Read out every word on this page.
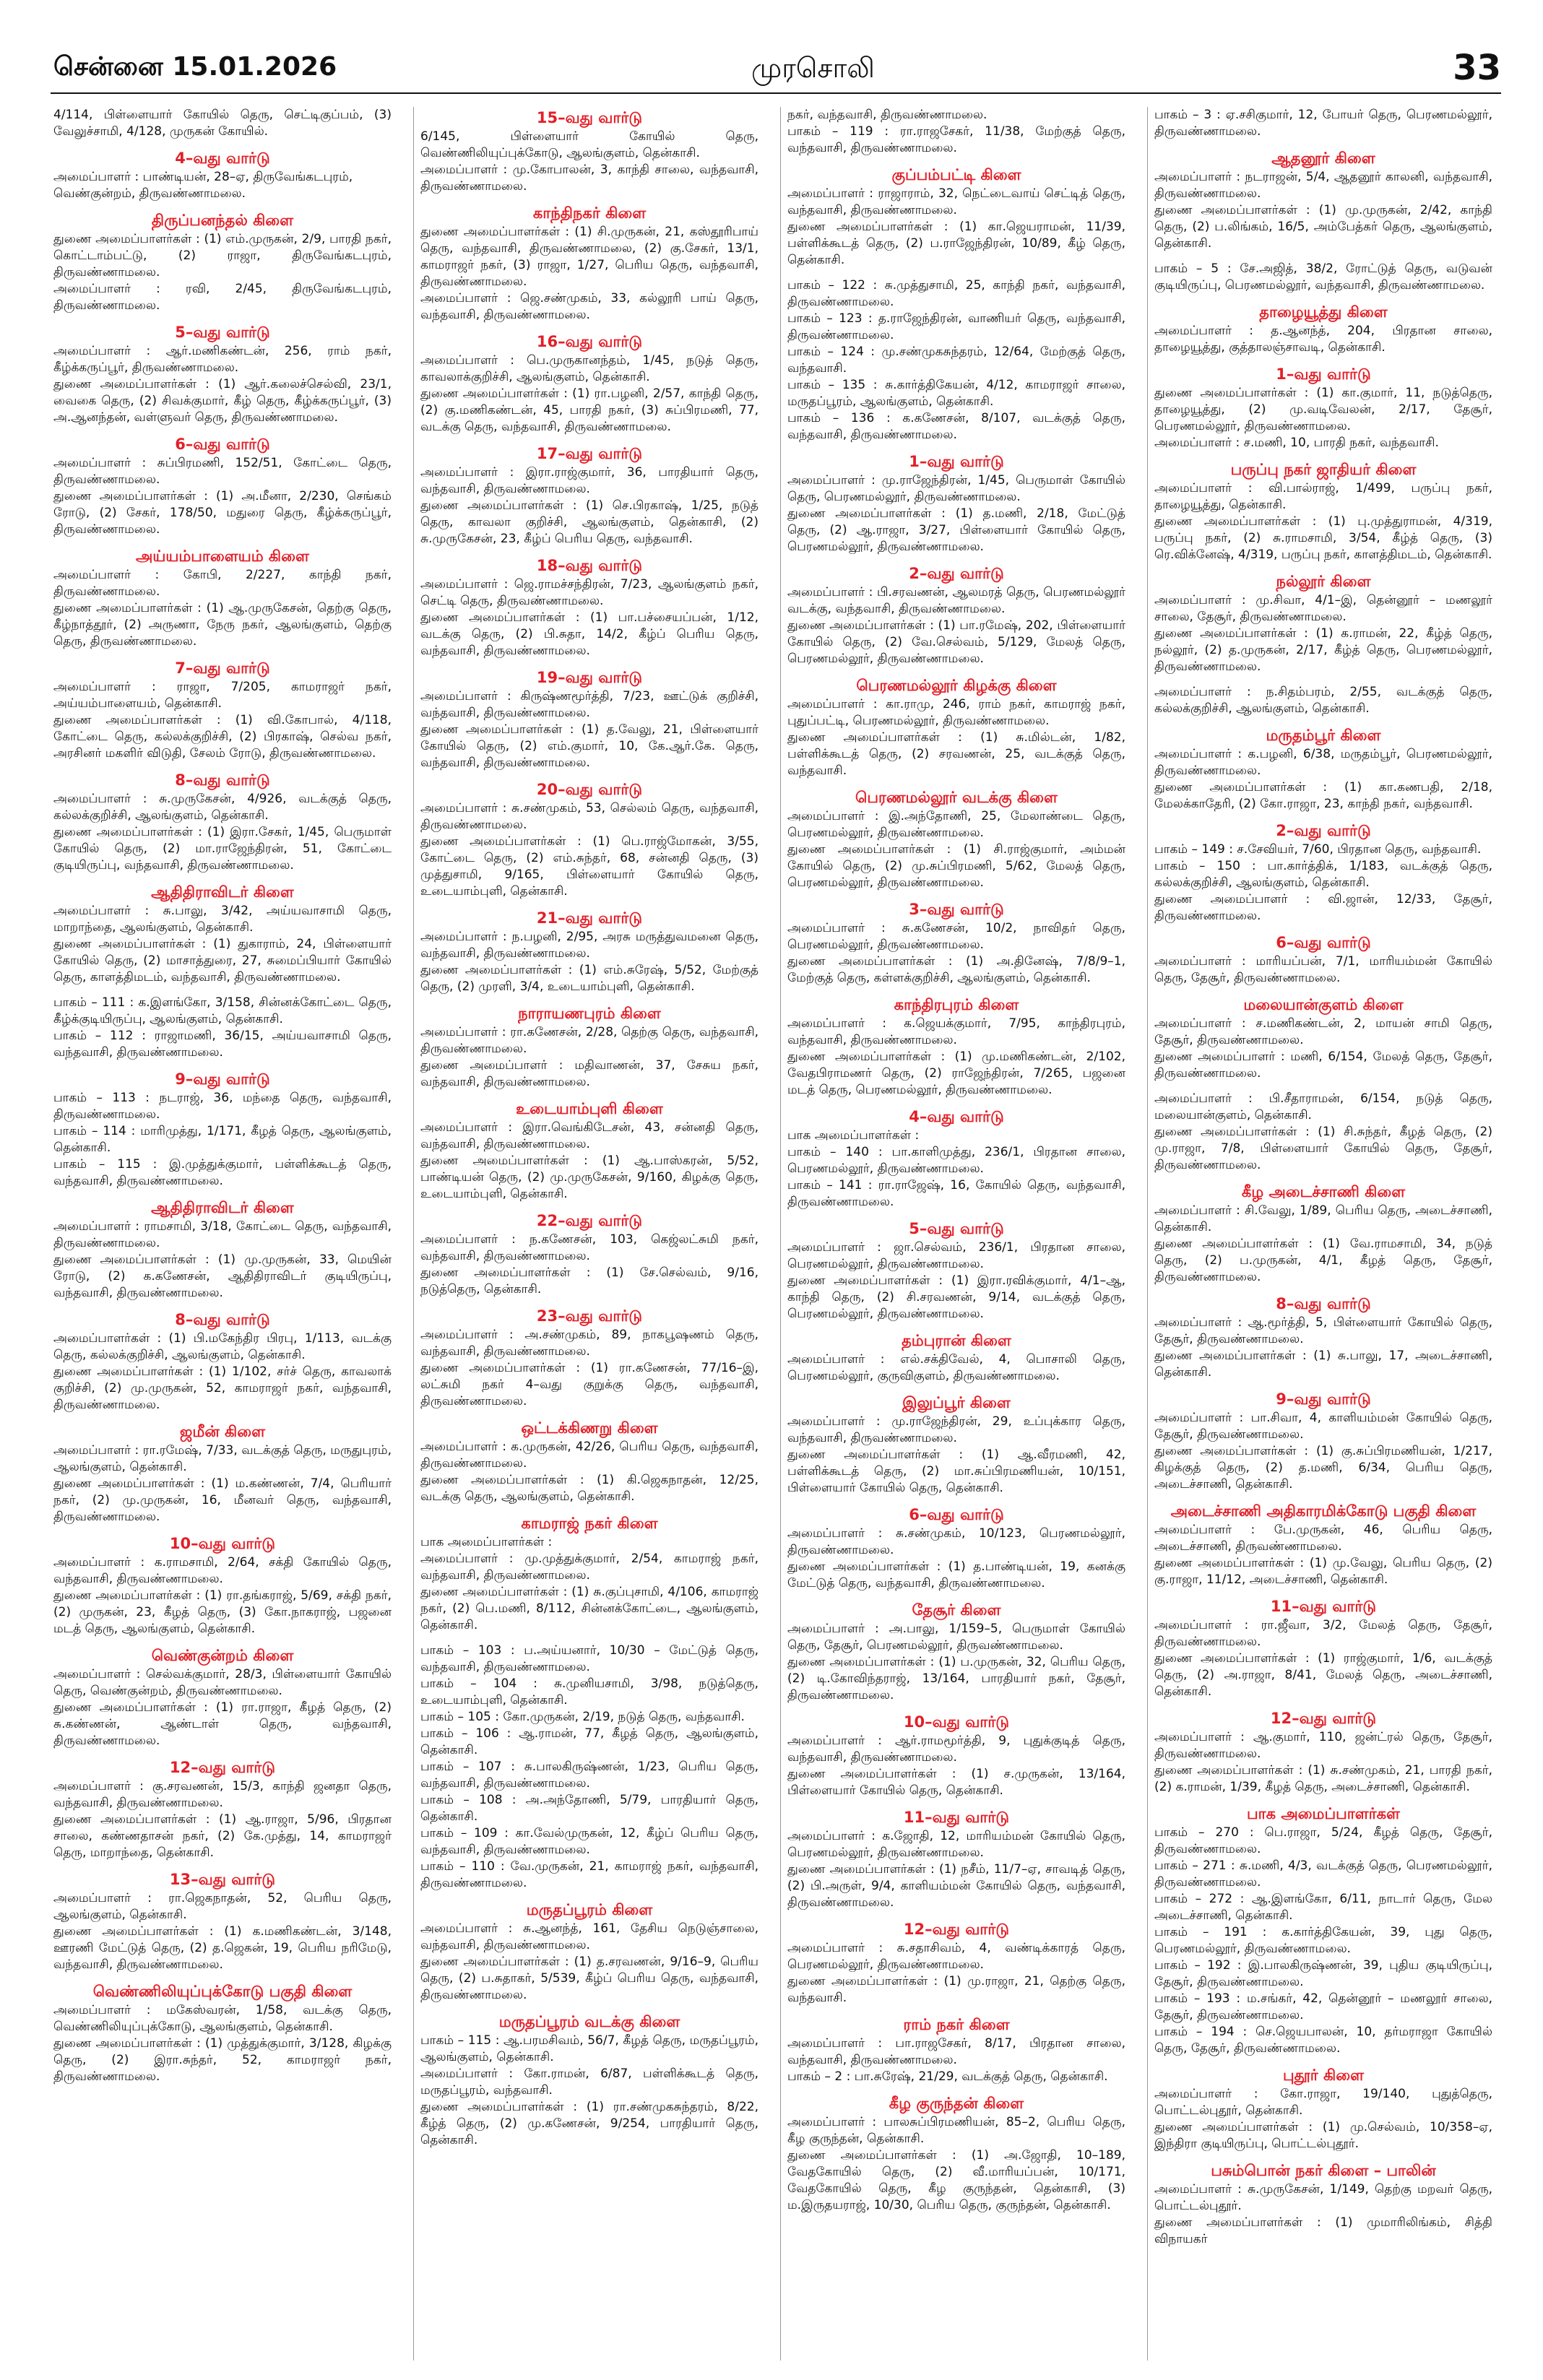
சென்னை 15.01.2026	முரசொலி	33
4/114, பிள்ளையார் கோயில் தெரு, செட்டிகுப்பம், (3) வேலுச்சாமி, 4/128, முருகன் கோயில்.
4–வது வார்டு
அமைப்பாளர் : பாண்டியன், 28–ஏ, திருவேங்கடபுரம்,
வெண்குன்றம், திருவண்ணாமலை.
திருப்பனந்தல் கிளை
துணை அமைப்பாளர்கள் : (1) எம்.முருகன், 2/9, பாரதி நகர், கொட்டாம்பட்டு, (2) ராஜா, திருவேங்கடபுரம், திருவண்ணாமலை.
அமைப்பாளர் : ரவி, 2/45, திருவேங்கடபுரம், திருவண்ணாமலை.
5–வது வார்டு
அமைப்பாளர் : ஆர்.மணிகண்டன், 256, ராம் நகர், கீழ்க்கருப்பூர், திருவண்ணாமலை.
துணை அமைப்பாளர்கள் : (1) ஆர்.கலைச்செல்வி, 23/1, வைகை தெரு, (2) சிவக்குமார், கீழ் தெரு, கீழ்க்கருப்பூர், (3) அ.ஆனந்தன், வள்ளுவர் தெரு, திருவண்ணாமலை.
6–வது வார்டு
அமைப்பாளர் : சுப்பிரமணி, 152/51, கோட்டை தெரு, திருவண்ணாமலை.
துணை அமைப்பாளர்கள் : (1) அ.மீனா, 2/230, செங்கம் ரோடு, (2) சேகர், 178/50, மதுரை தெரு, கீழ்க்கருப்பூர், திருவண்ணாமலை.
அய்யம்பாளையம் கிளை
அமைப்பாளர் : கோபி, 2/227, காந்தி நகர், திருவண்ணாமலை.
துணை அமைப்பாளர்கள் : (1) ஆ.முருகேசன், தெற்கு தெரு, கீழ்நாத்தூர், (2) அருணா, நேரு நகர், ஆலங்குளம், தெற்கு தெரு, திருவண்ணாமலை.
7–வது வார்டு
அமைப்பாளர் : ராஜா, 7/205, காமராஜர் நகர், அய்யம்பாளையம், தென்காசி.
துணை அமைப்பாளர்கள் : (1) வி.கோபால், 4/118, கோட்டை தெரு, கல்லக்குறிச்சி, (2) பிரகாஷ், செல்வ நகர், அரசினர் மகளிர் விடுதி, சேலம் ரோடு, திருவண்ணாமலை.
8–வது வார்டு
அமைப்பாளர் : சு.முருகேசன், 4/926, வடக்குத் தெரு, கல்லக்குறிச்சி, ஆலங்குளம், தென்காசி.
துணை அமைப்பாளர்கள் : (1) இரா.சேகர், 1/45, பெருமாள் கோயில் தெரு, (2) மா.ராஜேந்திரன், 51, கோட்டை குடியிருப்பு, வந்தவாசி, திருவண்ணாமலை.
ஆதிதிராவிடர் கிளை
அமைப்பாளர் : சு.பாலு, 3/42, அய்யவாசாமி தெரு, மாறாந்தை, ஆலங்குளம், தென்காசி.
துணை அமைப்பாளர்கள் : (1) துகாராம், 24, பிள்ளையார் கோயில் தெரு, (2) மாசாத்துரை, 27, சுமைப்பியார் கோயில் தெரு, காளத்திமடம், வந்தவாசி, திருவண்ணாமலை.
பாகம் – 111 : க.இளங்கோ, 3/158, சின்னக்கோட்டை தெரு, கீழ்க்குடியிருப்பு, ஆலங்குளம், தென்காசி.
பாகம் – 112 : ராஜாமணி, 36/15, அய்யவாசாமி தெரு, வந்தவாசி, திருவண்ணாமலை.
9–வது வார்டு
பாகம் – 113 : நடராஜ், 36, மந்தை தெரு, வந்தவாசி, திருவண்ணாமலை.
பாகம் – 114 : மாரிமுத்து, 1/171, கீழத் தெரு, ஆலங்குளம், தென்காசி.
பாகம் – 115 : இ.முத்துக்குமார், பள்ளிக்கூடத் தெரு, வந்தவாசி, திருவண்ணாமலை.
ஆதிதிராவிடர் கிளை
அமைப்பாளர் : ராமசாமி, 3/18, கோட்டை தெரு, வந்தவாசி, திருவண்ணாமலை.
துணை அமைப்பாளர்கள் : (1) மு.முருகன், 33, மெயின் ரோடு, (2) க.கணேசன், ஆதிதிராவிடர் குடியிருப்பு, வந்தவாசி, திருவண்ணாமலை.
8–வது வார்டு
அமைப்பாளர்கள் : (1) பி.மகேந்திர பிரபு, 1/113, வடக்கு தெரு, கல்லக்குறிச்சி, ஆலங்குளம், தென்காசி.
துணை அமைப்பாளர்கள் : (1) 1/102, சர்ச் தெரு, காவலாக் குறிச்சி, (2) மு.முருகன், 52, காமராஜர் நகர், வந்தவாசி, திருவண்ணாமலை.
ஜமீன் கிளை
அமைப்பாளர் : ரா.ரமேஷ், 7/33, வடக்குத் தெரு, மருதுபுரம், ஆலங்குளம், தென்காசி.
துணை அமைப்பாளர்கள் : (1) ம.கண்ணன், 7/4, பெரியார் நகர், (2) மு.முருகன், 16, மீனவர் தெரு, வந்தவாசி, திருவண்ணாமலை.
10–வது வார்டு
அமைப்பாளர் : க.ராமசாமி, 2/64, சக்தி கோயில் தெரு, வந்தவாசி, திருவண்ணாமலை.
துணை அமைப்பாளர்கள் : (1) ரா.தங்கராஜ், 5/69, சக்தி நகர், (2) முருகன், 23, கீழத் தெரு, (3) கோ.நாகராஜ், பஜனை மடத் தெரு, ஆலங்குளம், தென்காசி.
வெண்குன்றம் கிளை
அமைப்பாளர் : செல்வக்குமார், 28/3, பிள்ளையார் கோயில் தெரு, வெண்குன்றம், திருவண்ணாமலை.
துணை அமைப்பாளர்கள் : (1) ரா.ராஜா, கீழத் தெரு, (2) சு.கண்ணன், ஆண்டாள் தெரு, வந்தவாசி, திருவண்ணாமலை.
12–வது வார்டு
அமைப்பாளர் : கு.சரவணன், 15/3, காந்தி ஜனதா தெரு, வந்தவாசி, திருவண்ணாமலை.
துணை அமைப்பாளர்கள் : (1) ஆ.ராஜா, 5/96, பிரதான சாலை, கண்ணதாசன் நகர், (2) கே.முத்து, 14, காமராஜர் தெரு, மாறாந்தை, தென்காசி.
13–வது வார்டு
அமைப்பாளர் : ரா.ஜெகநாதன், 52, பெரிய தெரு, ஆலங்குளம், தென்காசி.
துணை அமைப்பாளர்கள் : (1) க.மணிகண்டன், 3/148, ஊரணி மேட்டுத் தெரு, (2) த.ஜெகன், 19, பெரிய நரிமேடு, வந்தவாசி, திருவண்ணாமலை.
வெண்ணிலியுப்புக்கோடு பகுதி கிளை
அமைப்பாளர் : மகேஸ்வரன், 1/58, வடக்கு தெரு, வெண்ணிலியுப்புக்கோடு, ஆலங்குளம், தென்காசி.
துணை அமைப்பாளர்கள் : (1) முத்துக்குமார், 3/128, கிழக்கு தெரு, (2) இரா.சுந்தர், 52, காமராஜர் நகர், திருவண்ணாமலை.
15–வது வார்டு
6/145, பிள்ளையார் கோயில் தெரு, வெண்ணிலியுப்புக்கோடு, ஆலங்குளம், தென்காசி.
அமைப்பாளர் : மு.கோபாலன், 3, காந்தி சாலை, வந்தவாசி, திருவண்ணாமலை.
காந்திநகர் கிளை
துணை அமைப்பாளர்கள் : (1) சி.முருகன், 21, கஸ்தூரிபாய் தெரு, வந்தவாசி, திருவண்ணாமலை, (2) கு.சேகர், 13/1, காமராஜர் நகர், (3) ராஜா, 1/27, பெரிய தெரு, வந்தவாசி, திருவண்ணாமலை.
அமைப்பாளர் : ஜெ.சண்முகம், 33, கல்லூரி பாய் தெரு, வந்தவாசி, திருவண்ணாமலை.
16–வது வார்டு
அமைப்பாளர் : பெ.முருகானந்தம், 1/45, நடுத் தெரு, காவலாக்குறிச்சி, ஆலங்குளம், தென்காசி.
துணை அமைப்பாளர்கள் : (1) ரா.பழனி, 2/57, காந்தி தெரு, (2) கு.மணிகண்டன், 45, பாரதி நகர், (3) சுப்பிரமணி, 77, வடக்கு தெரு, வந்தவாசி, திருவண்ணாமலை.
17–வது வார்டு
அமைப்பாளர் : இரா.ராஜ்குமார், 36, பாரதியார் தெரு, வந்தவாசி, திருவண்ணாமலை.
துணை அமைப்பாளர்கள் : (1) செ.பிரகாஷ், 1/25, நடுத் தெரு, காவலா குறிச்சி, ஆலங்குளம், தென்காசி, (2) சு.முருகேசன், 23, கீழ்ப் பெரிய தெரு, வந்தவாசி.
18–வது வார்டு
அமைப்பாளர் : ஜெ.ராமச்சந்திரன், 7/23, ஆலங்குளம் நகர், செட்டி தெரு, திருவண்ணாமலை.
துணை அமைப்பாளர்கள் : (1) பா.பச்சையப்பன், 1/12, வடக்கு தெரு, (2) பி.சுதா, 14/2, கீழ்ப் பெரிய தெரு, வந்தவாசி, திருவண்ணாமலை.
19–வது வார்டு
அமைப்பாளர் : கிருஷ்ணமூர்த்தி, 7/23, ஊட்டுக் குறிச்சி, வந்தவாசி, திருவண்ணாமலை.
துணை அமைப்பாளர்கள் : (1) த.வேலு, 21, பிள்ளையார் கோயில் தெரு, (2) எம்.குமார், 10, கே.ஆர்.கே. தெரு, வந்தவாசி, திருவண்ணாமலை.
20–வது வார்டு
அமைப்பாளர் : சு.சண்முகம், 53, செல்லம் தெரு, வந்தவாசி, திருவண்ணாமலை.
துணை அமைப்பாளர்கள் : (1) பெ.ராஜ்மோகன், 3/55, கோட்டை தெரு, (2) எம்.சுந்தர், 68, சன்னதி தெரு, (3) முத்துசாமி, 9/165, பிள்ளையார் கோயில் தெரு, உடையாம்புளி, தென்காசி.
21–வது வார்டு
அமைப்பாளர் : ந.பழனி, 2/95, அரசு மருத்துவமனை தெரு, வந்தவாசி, திருவண்ணாமலை.
துணை அமைப்பாளர்கள் : (1) எம்.சுரேஷ், 5/52, மேற்குத் தெரு, (2) முரளி, 3/4, உடையாம்புளி, தென்காசி.
நாராயணபுரம் கிளை
அமைப்பாளர் : ரா.கணேசன், 2/28, தெற்கு தெரு, வந்தவாசி, திருவண்ணாமலை.
துணை அமைப்பாளர் : மதிவாணன், 37, சேசுய நகர், வந்தவாசி, திருவண்ணாமலை.
உடையாம்புளி கிளை
அமைப்பாளர் : இரா.வெங்கிடேசன், 43, சன்னதி தெரு, வந்தவாசி, திருவண்ணாமலை.
துணை அமைப்பாளர்கள் : (1) ஆ.பாஸ்கரன், 5/52, பாண்டியன் தெரு, (2) மு.முருகேசன், 9/160, கிழக்கு தெரு, உடையாம்புளி, தென்காசி.
22–வது வார்டு
அமைப்பாளர் : ந.கணேசன், 103, கெஜ்லட்சுமி நகர், வந்தவாசி, திருவண்ணாமலை.
துணை அமைப்பாளர்கள் : (1) சே.செல்வம், 9/16, நடுத்தெரு, தென்காசி.
23–வது வார்டு
அமைப்பாளர் : அ.சண்முகம், 89, நாகபூஷணம் தெரு, வந்தவாசி, திருவண்ணாமலை.
துணை அமைப்பாளர்கள் : (1) ரா.கணேசன், 77/16–இ, லட்சுமி நகர் 4–வது குறுக்கு தெரு, வந்தவாசி, திருவண்ணாமலை.
ஒட்டக்கிணறு கிளை
அமைப்பாளர் : க.முருகன், 42/26, பெரிய தெரு, வந்தவாசி, திருவண்ணாமலை.
துணை அமைப்பாளர்கள் : (1) கி.ஜெகநாதன், 12/25, வடக்கு தெரு, ஆலங்குளம், தென்காசி.
காமராஜ் நகர் கிளை
பாக அமைப்பாளர்கள் :
அமைப்பாளர் : மு.முத்துக்குமார், 2/54, காமராஜ் நகர், வந்தவாசி, திருவண்ணாமலை.
துணை அமைப்பாளர்கள் : (1) சு.குப்புசாமி, 4/106, காமராஜ் நகர், (2) பெ.மணி, 8/112, சின்னக்கோட்டை, ஆலங்குளம், தென்காசி.
பாகம் – 103 : ப.அய்யனார், 10/30 – மேட்டுத் தெரு, வந்தவாசி, திருவண்ணாமலை.
பாகம் – 104 : சு.முனியசாமி, 3/98, நடுத்தெரு, உடையாம்புளி, தென்காசி.
பாகம் – 105 : கோ.முருகன், 2/19, நடுத் தெரு, வந்தவாசி.
பாகம் – 106 : ஆ.ராமன், 77, கீழத் தெரு, ஆலங்குளம், தென்காசி.
பாகம் – 107 : சு.பாலகிருஷ்ணன், 1/23, பெரிய தெரு, வந்தவாசி, திருவண்ணாமலை.
பாகம் – 108 : அ.அந்தோணி, 5/79, பாரதியார் தெரு, தென்காசி.
பாகம் – 109 : கா.வேல்முருகன், 12, கீழ்ப் பெரிய தெரு, வந்தவாசி, திருவண்ணாமலை.
பாகம் – 110 : வே.முருகன், 21, காமராஜ் நகர், வந்தவாசி, திருவண்ணாமலை.
மருதப்பூரம் கிளை
அமைப்பாளர் : சு.ஆனந்த், 161, தேசிய நெடுஞ்சாலை, வந்தவாசி, திருவண்ணாமலை.
துணை அமைப்பாளர்கள் : (1) த.சரவணன், 9/16–9, பெரிய தெரு, (2) ப.சுதாகர், 5/539, கீழ்ப் பெரிய தெரு, வந்தவாசி, திருவண்ணாமலை.
மருதப்பூரம் வடக்கு கிளை
பாகம் – 115 : ஆ.பரமசிவம், 56/7, கீழத் தெரு, மருதப்பூரம், ஆலங்குளம், தென்காசி.
அமைப்பாளர் : கோ.ராமன், 6/87, பள்ளிக்கூடத் தெரு, மருதப்பூரம், வந்தவாசி.
துணை அமைப்பாளர்கள் : (1) ரா.சண்முகசுந்தரம், 8/22, கீழ்த் தெரு, (2) மு.கணேசன், 9/254, பாரதியார் தெரு, தென்காசி.
நகர், வந்தவாசி, திருவண்ணாமலை.
பாகம் – 119 : ரா.ராஜசேகர், 11/38, மேற்குத் தெரு, வந்தவாசி, திருவண்ணாமலை.
குப்பம்பட்டி கிளை
அமைப்பாளர் : ராஜாராம், 32, நெட்டைவாய் செட்டித் தெரு, வந்தவாசி, திருவண்ணாமலை.
துணை அமைப்பாளர்கள் : (1) கா.ஜெயராமன், 11/39, பள்ளிக்கூடத் தெரு, (2) ப.ராஜேந்திரன், 10/89, கீழ் தெரு, தென்காசி.
பாகம் – 122 : சு.முத்துசாமி, 25, காந்தி நகர், வந்தவாசி, திருவண்ணாமலை.
பாகம் – 123 : த.ராஜேந்திரன், வாணியர் தெரு, வந்தவாசி, திருவண்ணாமலை.
பாகம் – 124 : மு.சண்முகசுந்தரம், 12/64, மேற்குத் தெரு, வந்தவாசி.
பாகம் – 135 : சு.கார்த்திகேயன், 4/12, காமராஜர் சாலை, மருதப்பூரம், ஆலங்குளம், தென்காசி.
பாகம் – 136 : க.கணேசன், 8/107, வடக்குத் தெரு, வந்தவாசி, திருவண்ணாமலை.
1–வது வார்டு
அமைப்பாளர் : மு.ராஜேந்திரன், 1/45, பெருமாள் கோயில் தெரு, பெரணமல்லூர், திருவண்ணாமலை.
துணை அமைப்பாளர்கள் : (1) த.மணி, 2/18, மேட்டுத் தெரு, (2) ஆ.ராஜா, 3/27, பிள்ளையார் கோயில் தெரு, பெரணமல்லூர், திருவண்ணாமலை.
2–வது வார்டு
அமைப்பாளர் : பி.சரவணன், ஆலமரத் தெரு, பெரணமல்லூர் வடக்கு, வந்தவாசி, திருவண்ணாமலை.
துணை அமைப்பாளர்கள் : (1) பா.ரமேஷ், 202, பிள்ளையார் கோயில் தெரு, (2) வே.செல்வம், 5/129, மேலத் தெரு, பெரணமல்லூர், திருவண்ணாமலை.
பெரணமல்லூர் கிழக்கு கிளை
அமைப்பாளர் : கா.ராமு, 246, ராம் நகர், காமராஜ் நகர், புதுப்பட்டி, பெரணமல்லூர், திருவண்ணாமலை.
துணை அமைப்பாளர்கள் : (1) சு.மில்டன், 1/82, பள்ளிக்கூடத் தெரு, (2) சரவணன், 25, வடக்குத் தெரு, வந்தவாசி.
பெரணமல்லூர் வடக்கு கிளை
அமைப்பாளர் : இ.அந்தோணி, 25, மேலாண்டை தெரு, பெரணமல்லூர், திருவண்ணாமலை.
துணை அமைப்பாளர்கள் : (1) சி.ராஜ்குமார், அம்மன் கோயில் தெரு, (2) மு.சுப்பிரமணி, 5/62, மேலத் தெரு, பெரணமல்லூர், திருவண்ணாமலை.
3–வது வார்டு
அமைப்பாளர் : சு.கணேசன், 10/2, நாவிதர் தெரு, பெரணமல்லூர், திருவண்ணாமலை.
துணை அமைப்பாளர்கள் : (1) அ.தினேஷ், 7/8/9–1, மேற்குத் தெரு, கள்ளக்குறிச்சி, ஆலங்குளம், தென்காசி.
காந்திரபுரம் கிளை
அமைப்பாளர் : க.ஜெயக்குமார், 7/95, காந்திரபுரம், வந்தவாசி, திருவண்ணாமலை.
துணை அமைப்பாளர்கள் : (1) மு.மணிகண்டன், 2/102, வேதபிராமணர் தெரு, (2) ராஜேந்திரன், 7/265, பஜனை மடத் தெரு, பெரணமல்லூர், திருவண்ணாமலை.
4–வது வார்டு
பாக அமைப்பாளர்கள் :
பாகம் – 140 : பா.காளிமுத்து, 236/1, பிரதான சாலை, பெரணமல்லூர், திருவண்ணாமலை.
பாகம் – 141 : ரா.ராஜேஷ், 16, கோயில் தெரு, வந்தவாசி, திருவண்ணாமலை.
5–வது வார்டு
அமைப்பாளர் : ஜா.செல்வம், 236/1, பிரதான சாலை, பெரணமல்லூர், திருவண்ணாமலை.
துணை அமைப்பாளர்கள் : (1) இரா.ரவிக்குமார், 4/1–ஆ, காந்தி தெரு, (2) சி.சரவணன், 9/14, வடக்குத் தெரு, பெரணமல்லூர், திருவண்ணாமலை.
தம்புரான் கிளை
அமைப்பாளர் : எல்.சக்திவேல், 4, பொசாலி தெரு, பெரணமல்லூர், குருவிகுளம், திருவண்ணாமலை.
இலுப்பூர் கிளை
அமைப்பாளர் : மு.ராஜேந்திரன், 29, உப்புக்கார தெரு, வந்தவாசி, திருவண்ணாமலை.
துணை அமைப்பாளர்கள் : (1) ஆ.வீரமணி, 42, பள்ளிக்கூடத் தெரு, (2) மா.சுப்பிரமணியன், 10/151, பிள்ளையார் கோயில் தெரு, தென்காசி.
6–வது வார்டு
அமைப்பாளர் : சு.சண்முகம், 10/123, பெரணமல்லூர், திருவண்ணாமலை.
துணை அமைப்பாளர்கள் : (1) த.பாண்டியன், 19, கனக்கு மேட்டுத் தெரு, வந்தவாசி, திருவண்ணாமலை.
தேசூர் கிளை
அமைப்பாளர் : அ.பாலு, 1/159–5, பெருமாள் கோயில் தெரு, தேசூர், பெரணமல்லூர், திருவண்ணாமலை.
துணை அமைப்பாளர்கள் : (1) ப.முருகன், 32, பெரிய தெரு, (2) டி.கோவிந்தராஜ், 13/164, பாரதியார் நகர், தேசூர், திருவண்ணாமலை.
10–வது வார்டு
அமைப்பாளர் : ஆர்.ராமமூர்த்தி, 9, புதுக்குடித் தெரு, வந்தவாசி, திருவண்ணாமலை.
துணை அமைப்பாளர்கள் : (1) ச.முருகன், 13/164, பிள்ளையார் கோயில் தெரு, தென்காசி.
11–வது வார்டு
அமைப்பாளர் : க.ஜோதி, 12, மாரியம்மன் கோயில் தெரு, பெரணமல்லூர், திருவண்ணாமலை.
துணை அமைப்பாளர்கள் : (1) நசீம், 11/7–ஏ, சாவடித் தெரு, (2) பி.அருள், 9/4, காளியம்மன் கோயில் தெரு, வந்தவாசி, திருவண்ணாமலை.
12–வது வார்டு
அமைப்பாளர் : சு.சதாசிவம், 4, வண்டிக்காரத் தெரு, பெரணமல்லூர், திருவண்ணாமலை.
துணை அமைப்பாளர்கள் : (1) மு.ராஜா, 21, தெற்கு தெரு, வந்தவாசி.
ராம் நகர் கிளை
அமைப்பாளர் : பா.ராஜசேகர், 8/17, பிரதான சாலை, வந்தவாசி, திருவண்ணாமலை.
பாகம் – 2 : பா.சுரேஷ், 21/29, வடக்குத் தெரு, தென்காசி.
கீழ குருந்தன் கிளை
அமைப்பாளர் : பாலசுப்பிரமணியன், 85–2, பெரிய தெரு, கீழ குருந்தன், தென்காசி.
துணை அமைப்பாளர்கள் : (1) அ.ஜோதி, 10–189, வேதகோயில் தெரு, (2) வீ.மாரியப்பன், 10/171, வேதகோயில் தெரு, கீழ குருந்தன், தென்காசி, (3) ம.இருதயராஜ், 10/30, பெரிய தெரு, குருந்தன், தென்காசி.
பாகம் – 3 : ஏ.சசிகுமார், 12, போயர் தெரு, பெரணமல்லூர், திருவண்ணாமலை.
ஆதனூர் கிளை
அமைப்பாளர் : நடராஜன், 5/4, ஆதனூர் காலனி, வந்தவாசி, திருவண்ணாமலை.
துணை அமைப்பாளர்கள் : (1) மு.முருகன், 2/42, காந்தி தெரு, (2) ப.லிங்கம், 16/5, அம்பேத்கர் தெரு, ஆலங்குளம், தென்காசி.
பாகம் – 5 : சே.அஜித், 38/2, ரோட்டுத் தெரு, வடுவன் குடியிருப்பு, பெரணமல்லூர், வந்தவாசி, திருவண்ணாமலை.
தாழையூத்து கிளை
அமைப்பாளர் : த.ஆனந்த், 204, பிரதான சாலை, தாழையூத்து, குத்தாலஞ்சாவடி, தென்காசி.
1–வது வார்டு
துணை அமைப்பாளர்கள் : (1) கா.குமார், 11, நடுத்தெரு, தாழையூத்து, (2) மு.வடிவேலன், 2/17, தேசூர், பெரணமல்லூர், திருவண்ணாமலை.
அமைப்பாளர் : ச.மணி, 10, பாரதி நகர், வந்தவாசி.
பருப்பு நகர் ஜாதியர் கிளை
அமைப்பாளர் : வி.பால்ராஜ், 1/499, பருப்பு நகர், தாழையூத்து, தென்காசி.
துணை அமைப்பாளர்கள் : (1) பு.முத்துராமன், 4/319, பருப்பு நகர், (2) சு.ராமசாமி, 3/54, கீழ்த் தெரு, (3) ரெ.விக்னேஷ், 4/319, பருப்பு நகர், காளத்திமடம், தென்காசி.
நல்லூர் கிளை
அமைப்பாளர் : மு.சிவா, 4/1–இ, தென்னூர் – மணலூர் சாலை, தேசூர், திருவண்ணாமலை.
துணை அமைப்பாளர்கள் : (1) க.ராமன், 22, கீழ்த் தெரு, நல்லூர், (2) த.முருகன், 2/17, கீழ்த் தெரு, பெரணமல்லூர், திருவண்ணாமலை.
அமைப்பாளர் : ந.சிதம்பரம், 2/55, வடக்குத் தெரு, கல்லக்குறிச்சி, ஆலங்குளம், தென்காசி.
மருதம்பூர் கிளை
அமைப்பாளர் : க.பழனி, 6/38, மருதம்பூர், பெரணமல்லூர், திருவண்ணாமலை.
துணை அமைப்பாளர்கள் : (1) கா.கணபதி, 2/18, மேலக்காதேரி, (2) கோ.ராஜா, 23, காந்தி நகர், வந்தவாசி.
2–வது வார்டு
பாகம் – 149 : ச.சேவியர், 7/60, பிரதான தெரு, வந்தவாசி.
பாகம் – 150 : பா.கார்த்திக், 1/183, வடக்குத் தெரு, கல்லக்குறிச்சி, ஆலங்குளம், தென்காசி.
துணை அமைப்பாளர் : வி.ஜான், 12/33, தேசூர், திருவண்ணாமலை.
6–வது வார்டு
அமைப்பாளர் : மாரியப்பன், 7/1, மாரியம்மன் கோயில் தெரு, தேசூர், திருவண்ணாமலை.
மலையான்குளம் கிளை
அமைப்பாளர் : ச.மணிகண்டன், 2, மாயன் சாமி தெரு, தேசூர், திருவண்ணாமலை.
துணை அமைப்பாளர் : மணி, 6/154, மேலத் தெரு, தேசூர், திருவண்ணாமலை.
அமைப்பாளர் : பி.சீதாராமன், 6/154, நடுத் தெரு, மலையான்குளம், தென்காசி.
துணை அமைப்பாளர்கள் : (1) சி.சுந்தர், கீழத் தெரு, (2) மு.ராஜா, 7/8, பிள்ளையார் கோயில் தெரு, தேசூர், திருவண்ணாமலை.
கீழ அடைச்சாணி கிளை
அமைப்பாளர் : சி.வேலு, 1/89, பெரிய தெரு, அடைச்சாணி, தென்காசி.
துணை அமைப்பாளர்கள் : (1) வே.ராமசாமி, 34, நடுத் தெரு, (2) ப.முருகன், 4/1, கீழத் தெரு, தேசூர், திருவண்ணாமலை.
8–வது வார்டு
அமைப்பாளர் : ஆ.மூர்த்தி, 5, பிள்ளையார் கோயில் தெரு, தேசூர், திருவண்ணாமலை.
துணை அமைப்பாளர்கள் : (1) சு.பாலு, 17, அடைச்சாணி, தென்காசி.
9–வது வார்டு
அமைப்பாளர் : பா.சிவா, 4, காளியம்மன் கோயில் தெரு, தேசூர், திருவண்ணாமலை.
துணை அமைப்பாளர்கள் : (1) கு.சுப்பிரமணியன், 1/217, கிழக்குத் தெரு, (2) த.மணி, 6/34, பெரிய தெரு, அடைச்சாணி, தென்காசி.
அடைச்சாணி அதிகாரமிக்கோடு பகுதி கிளை
அமைப்பாளர் : பே.முருகன், 46, பெரிய தெரு, அடைச்சாணி, திருவண்ணாமலை.
துணை அமைப்பாளர்கள் : (1) மு.வேலு, பெரிய தெரு, (2) கு.ராஜா, 11/12, அடைச்சாணி, தென்காசி.
11–வது வார்டு
அமைப்பாளர் : ரா.ஜீவா, 3/2, மேலத் தெரு, தேசூர், திருவண்ணாமலை.
துணை அமைப்பாளர்கள் : (1) ராஜ்குமார், 1/6, வடக்குத் தெரு, (2) அ.ராஜா, 8/41, மேலத் தெரு, அடைச்சாணி, தென்காசி.
12–வது வார்டு
அமைப்பாளர் : ஆ.குமார், 110, ஜன்ட்ரல் தெரு, தேசூர், திருவண்ணாமலை.
துணை அமைப்பாளர்கள் : (1) சு.சண்முகம், 21, பாரதி நகர், (2) க.ராமன், 1/39, கீழத் தெரு, அடைச்சாணி, தென்காசி.
பாக அமைப்பாளர்கள்
பாகம் – 270 : பெ.ராஜா, 5/24, கீழத் தெரு, தேசூர், திருவண்ணாமலை.
பாகம் – 271 : சு.மணி, 4/3, வடக்குத் தெரு, பெரணமல்லூர், திருவண்ணாமலை.
பாகம் – 272 : ஆ.இளங்கோ, 6/11, நாடார் தெரு, மேல அடைச்சாணி, தென்காசி.
பாகம் – 191 : க.கார்த்திகேயன், 39, புது தெரு, பெரணமல்லூர், திருவண்ணாமலை.
பாகம் – 192 : இ.பாலகிருஷ்ணன், 39, புதிய குடியிருப்பு, தேசூர், திருவண்ணாமலை.
பாகம் – 193 : ம.சங்கர், 42, தென்னூர் – மணலூர் சாலை, தேசூர், திருவண்ணாமலை.
பாகம் – 194 : செ.ஜெயபாலன், 10, தர்மராஜா கோயில் தெரு, தேசூர், திருவண்ணாமலை.
புதூர் கிளை
அமைப்பாளர் : கோ.ராஜா, 19/140, புதுத்தெரு, பொட்டல்புதூர், தென்காசி.
துணை அமைப்பாளர்கள் : (1) மு.செல்வம், 10/358–ஏ, இந்திரா குடியிருப்பு, பொட்டல்புதூர்.
பசும்பொன் நகர் கிளை – பாலின்
அமைப்பாளர் : சு.முருகேசன், 1/149, தெற்கு மறவர் தெரு, பொட்டல்புதூர்.
துணை அமைப்பாளர்கள் : (1) முமாரிலிங்கம், சித்தி விநாயகர்
